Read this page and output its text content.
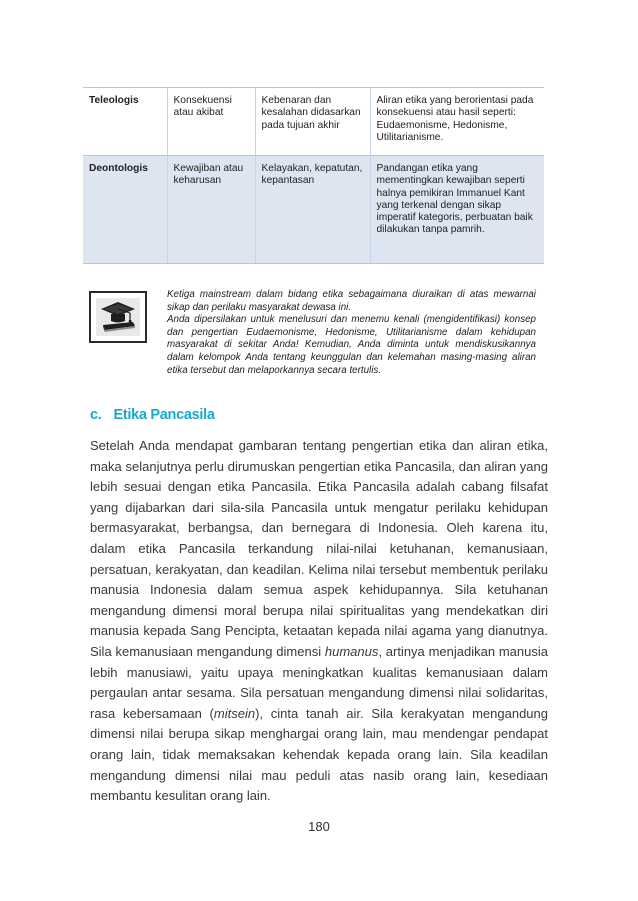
Teleologis	Konsekuensi atau akibat	Kebenaran dan kesalahan didasarkan pada tujuan akhir	Aliran etika yang berorientasi pada konsekuensi atau hasil seperti: Eudaemonisme, Hedonisme, Utilitarianisme.
Deontologis	Kewajiban atau keharusan	Kelayakan, kepatutan, kepantasan	Pandangan etika yang mementingkan kewajiban seperti halnya pemikiran Immanuel Kant yang terkenal dengan sikap imperatif kategoris, perbuatan baik dilakukan tanpa pamrih.

Ketiga mainstream dalam bidang etika sebagaimana diuraikan di atas mewarnai sikap dan perilaku masyarakat dewasa ini.

Anda dipersilakan untuk menelusuri dan menemu kenali (mengidentifikasi) konsep dan pengertian Eudaemonisme, Hedonisme, Utilitarianisme dalam kehidupan masyarakat di sekitar Anda! Kemudian, Anda diminta untuk mendiskusikannya dalam kelompok Anda tentang keunggulan dan kelemahan masing-masing aliran etika tersebut dan melaporkannya secara tertulis.

c. Etika Pancasila

Setelah Anda mendapat gambaran tentang pengertian etika dan aliran etika, maka selanjutnya perlu dirumuskan pengertian etika Pancasila, dan aliran yang lebih sesuai dengan etika Pancasila. Etika Pancasila adalah cabang filsafat yang dijabarkan dari sila-sila Pancasila untuk mengatur perilaku kehidupan bermasyarakat, berbangsa, dan bernegara di Indonesia. Oleh karena itu, dalam etika Pancasila terkandung nilai-nilai ketuhanan, kemanusiaan, persatuan, kerakyatan, dan keadilan. Kelima nilai tersebut membentuk perilaku manusia Indonesia dalam semua aspek kehidupannya. Sila ketuhanan mengandung dimensi moral berupa nilai spiritualitas yang mendekatkan diri manusia kepada Sang Pencipta, ketaatan kepada nilai agama yang dianutnya. Sila kemanusiaan mengandung dimensi humanus, artinya menjadikan manusia lebih manusiawi, yaitu upaya meningkatkan kualitas kemanusiaan dalam pergaulan antar sesama. Sila persatuan mengandung dimensi nilai solidaritas, rasa kebersamaan (mitsein), cinta tanah air. Sila kerakyatan mengandung dimensi nilai berupa sikap menghargai orang lain, mau mendengar pendapat orang lain, tidak memaksakan kehendak kepada orang lain. Sila keadilan mengandung dimensi nilai mau peduli atas nasib orang lain, kesediaan membantu kesulitan orang lain.

180
